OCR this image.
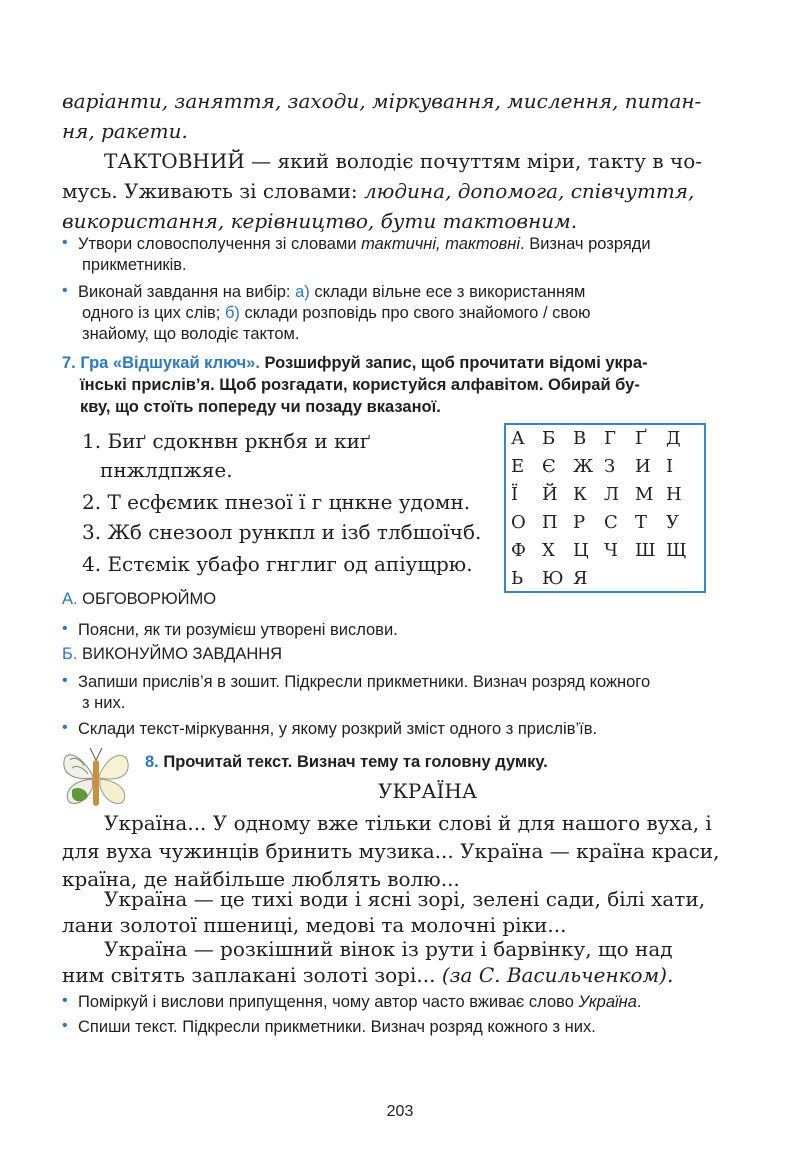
варіанти, заняття, заходи, міркування, мислення, питан-
ня, ракети.
ТАКТОВНИЙ — який володіє почуттям міри, такту в чо-
мусь. Уживають зі словами: людина, допомога, співчуття,
використання, керівництво, бути тактовним.
• Утвори словосполучення зі словами тактичні, тактовні. Визнач розряди
прикметників.
• Виконай завдання на вибір: а) склади вільне есе з використанням
одного із цих слів; б) склади розповідь про свого знайомого / свою
знайому, що володіє тактом.
7. Гра «Відшукай ключ». Розшифруй запис, щоб прочитати відомі укра-
їнські прислів’я. Щоб розгадати, користуйся алфавітом. Обирай бу-
кву, що стоїть попереду чи позаду вказаної.
1. Биґ сдокнвн ркнбя и киґ
пнжлдпжяе.
2. Т есфємик пнезої ї г цнкне удомн.
3. Жб снезоол рункпл и ізб тлбшоїчб.
4. Естємік убафо гнглиг од апіущрю.
А Б В Г	Ґ	Д
Е Є Ж З	И І
Ї	Й К Л М Н
О П Р	С Т	У
Ф Х	Ц Ч Ш Щ
Ь	Ю Я
А. ОБГОВОРЮЙМО
• Поясни, як ти розумієш утворені вислови.
Б. ВИКОНУЙМО ЗАВДАННЯ
• Запиши прислів’я в зошит. Підкресли прикметники. Визнач розряд кожного
з них.
• Склади текст-міркування, у якому розкрий зміст одного з прислів’їв.
8. Прочитай текст. Визнач тему та головну думку.
УКРАЇНА
Україна... У одному вже тільки слові й для нашого вуха, і
для вуха чужинців бринить музика... Україна — країна краси,
країна, де найбільше люблять волю...
Україна — це тихі води і ясні зорі, зелені сади, білі хати,
лани золотої пшениці, медові та молочні ріки...
Україна — розкішний вінок із рути і барвінку, що над
ним світять заплакані золоті зорі... (за С. Васильченком).
• Поміркуй і вислови припущення, чому автор часто вживає слово Україна.
• Спиши текст. Підкресли прикметники. Визнач розряд кожного з них.
203
